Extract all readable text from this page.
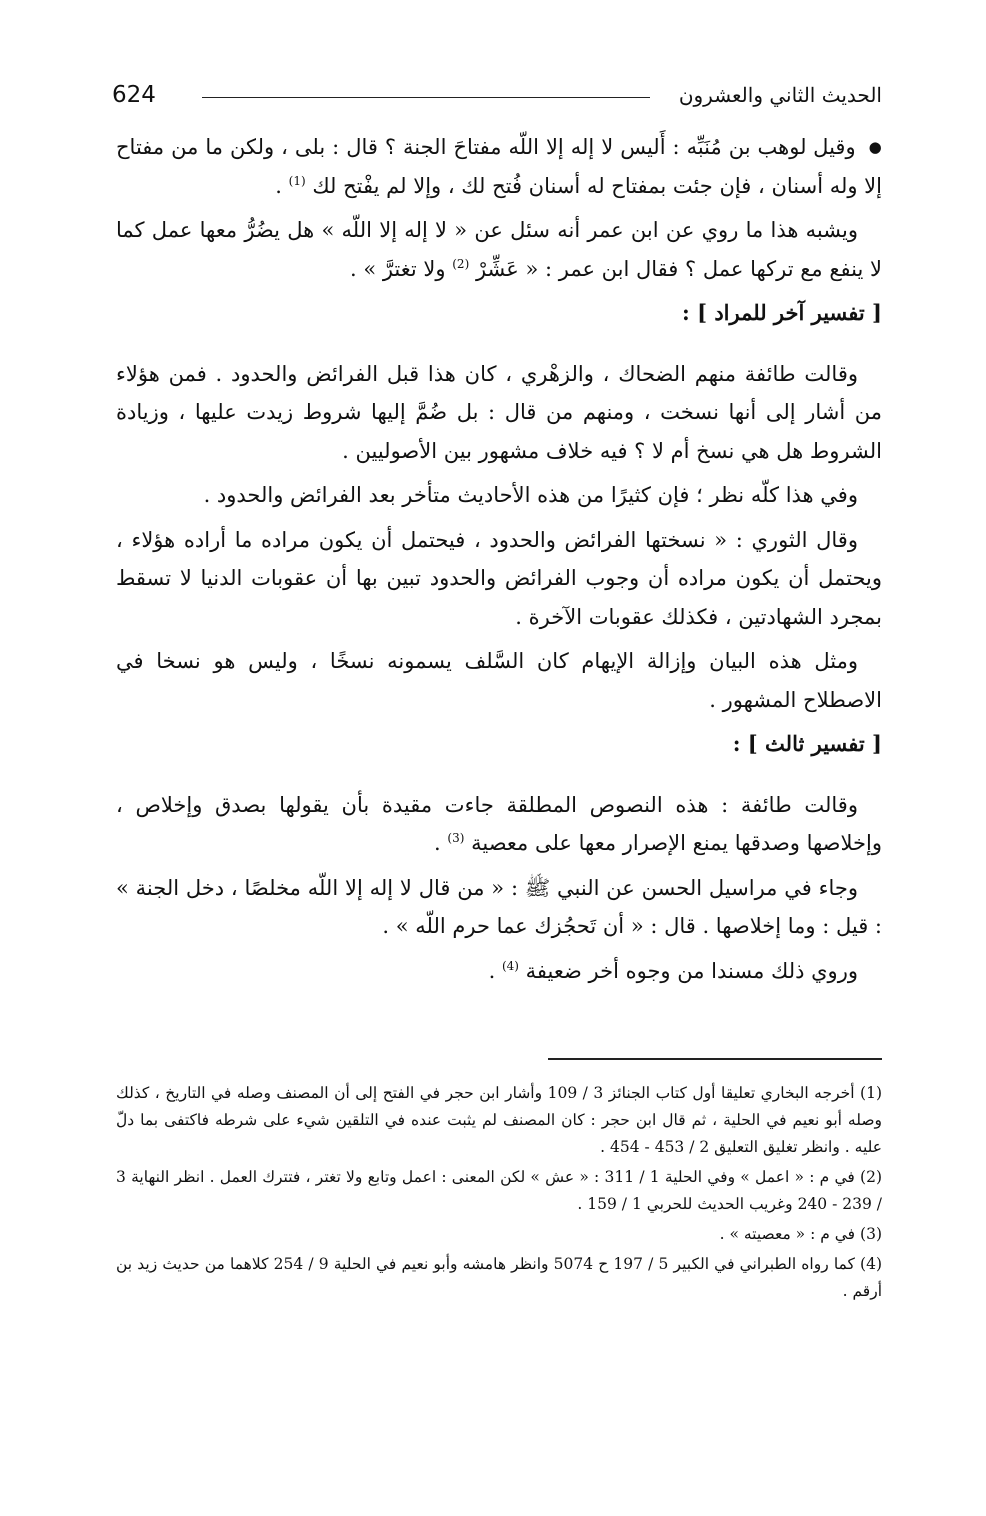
624	الحديث الثاني والعشرون

● وقيل لوهب بن مُنَبِّه : أَليس لا إله إلا اللّه مفتاحَ الجنة ؟ قال : بلى ، ولكن ما من مفتاح إلا وله أسنان ، فإن جئت بمفتاح له أسنان فُتح لك ، وإلا لم يفْتح لك $^{(1)}$ .

ويشبه هذا ما روي عن ابن عمر أنه سئل عن « لا إله إلا اللّه » هل يضُرُّ معها عمل كما لا ينفع مع تركها عمل ؟ فقال ابن عمر : « عَشِّرْ $^{(2)}$ ولا تغترَّ » .

[ تفسير آخر للمراد ] :

وقالت طائفة منهم الضحاك ، والزهْري ، كان هذا قبل الفرائض والحدود . فمن هؤلاء من أشار إلى أنها نسخت ، ومنهم من قال : بل ضُمَّ إليها شروط زيدت عليها ، وزيادة الشروط هل هي نسخ أم لا ؟ فيه خلاف مشهور بين الأصوليين .

وفي هذا كلّه نظر ؛ فإن كثيرًا من هذه الأحاديث متأخر بعد الفرائض والحدود .

وقال الثوري : « نسختها الفرائض والحدود ، فيحتمل أن يكون مراده ما أراده هؤلاء ، ويحتمل أن يكون مراده أن وجوب الفرائض والحدود تبين بها أن عقوبات الدنيا لا تسقط بمجرد الشهادتين ، فكذلك عقوبات الآخرة .

ومثل هذه البيان وإزالة الإيهام كان السَّلف يسمونه نسخًا ، وليس هو نسخا في الاصطلاح المشهور .

[ تفسير ثالث ] :

وقالت طائفة : هذه النصوص المطلقة جاءت مقيدة بأن يقولها بصدق وإخلاص ، وإخلاصها وصدقها يمنع الإصرار معها على معصية $^{(3)}$ .

وجاء في مراسيل الحسن عن النبي ﷺ : « من قال لا إله إلا اللّه مخلصًا ، دخل الجنة » : قيل : وما إخلاصها . قال : « أن تَحجُزك عما حرم اللّه » .

وروي ذلك مسندا من وجوه أخر ضعيفة $^{(4)}$ .

(1) أخرجه البخاري تعليقا أول كتاب الجنائز 3 / 109 وأشار ابن حجر في الفتح إلى أن المصنف وصله في التاريخ ، كذلك وصله أبو نعيم في الحلية ، ثم قال ابن حجر : كان المصنف لم يثبت عنده في التلقين شيء على شرطه فاكتفى بما دلّ عليه . وانظر تغليق التعليق 2 / 453 - 454 .

(2) في م : « اعمل » وفي الحلية 1 / 311 : « عش » لكن المعنى : اعمل وتابع ولا تغتر ، فتترك العمل . انظر النهاية 3 / 239 - 240 وغريب الحديث للحربي 1 / 159 .

(3) في م : « معصيته » .

(4) كما رواه الطبراني في الكبير 5 / 197 ح 5074 وانظر هامشه وأبو نعيم في الحلية 9 / 254 كلاهما من حديث زيد بن أرقم .
